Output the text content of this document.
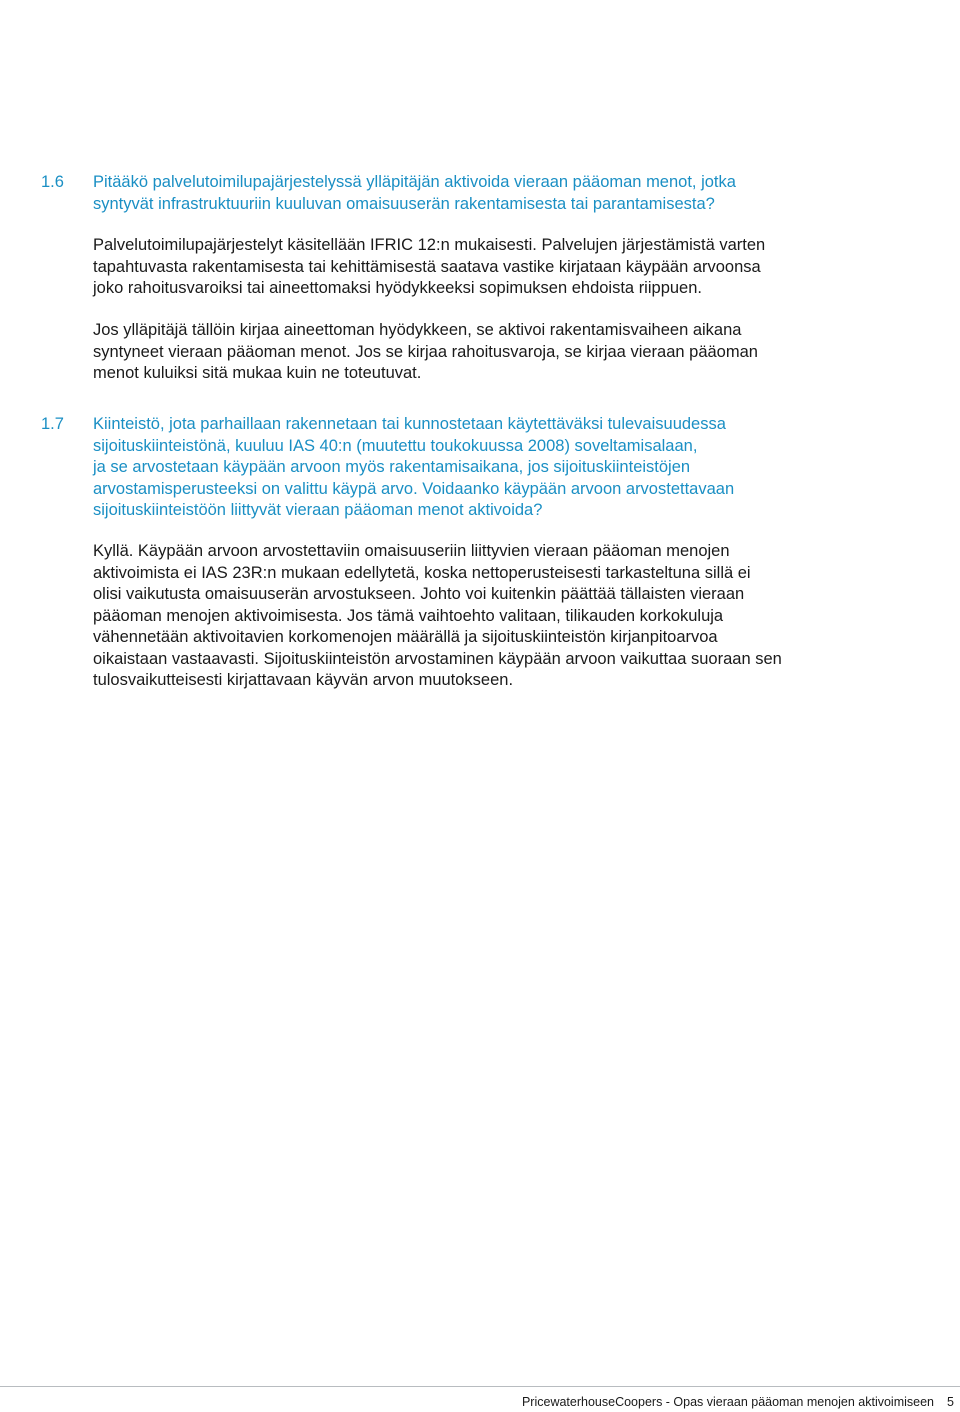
1.6 Pitääkö palvelutoimilupajärjestelyssä ylläpitäjän aktivoida vieraan pääoman menot, jotka
syntyvät infrastruktuuriin kuuluvan omaisuuserän rakentamisesta tai parantamisesta?
Palvelutoimilupajärjestelyt käsitellään IFRIC 12:n mukaisesti. Palvelujen järjestämistä varten
tapahtuvasta rakentamisesta tai kehittämisestä saatava vastike kirjataan käypään arvoonsa
joko rahoitusvaroiksi tai aineettomaksi hyödykkeeksi sopimuksen ehdoista riippuen.
Jos ylläpitäjä tällöin kirjaa aineettoman hyödykkeen, se aktivoi rakentamisvaiheen aikana
syntyneet vieraan pääoman menot. Jos se kirjaa rahoitusvaroja, se kirjaa vieraan pääoman
menot kuluiksi sitä mukaa kuin ne toteutuvat.
1.7 Kiinteistö, jota parhaillaan rakennetaan tai kunnostetaan käytettäväksi tulevaisuudessa
sijoituskiinteistönä, kuuluu IAS 40:n (muutettu toukokuussa 2008) soveltamisalaan,
ja se arvostetaan käypään arvoon myös rakentamisaikana, jos sijoituskiinteistöjen
arvostamisperusteeksi on valittu käypä arvo. Voidaanko käypään arvoon arvostettavaan
sijoituskiinteistöön liittyvät vieraan pääoman menot aktivoida?
Kyllä. Käypään arvoon arvostettaviin omaisuuseriin liittyvien vieraan pääoman menojen
aktivoimista ei IAS 23R:n mukaan edellytetä, koska nettoperusteisesti tarkasteltuna sillä ei
olisi vaikutusta omaisuuserän arvostukseen. Johto voi kuitenkin päättää tällaisten vieraan
pääoman menojen aktivoimisesta. Jos tämä vaihtoehto valitaan, tilikauden korkokuluja
vähennetään aktivoitavien korkomenojen määrällä ja sijoituskiinteistön kirjanpitoarvoa
oikaistaan vastaavasti. Sijoituskiinteistön arvostaminen käypään arvoon vaikuttaa suoraan sen
tulosvaikutteisesti kirjattavaan käyvän arvon muutokseen.
PricewaterhouseCoopers - Opas vieraan pääoman menojen aktivoimiseen 5
